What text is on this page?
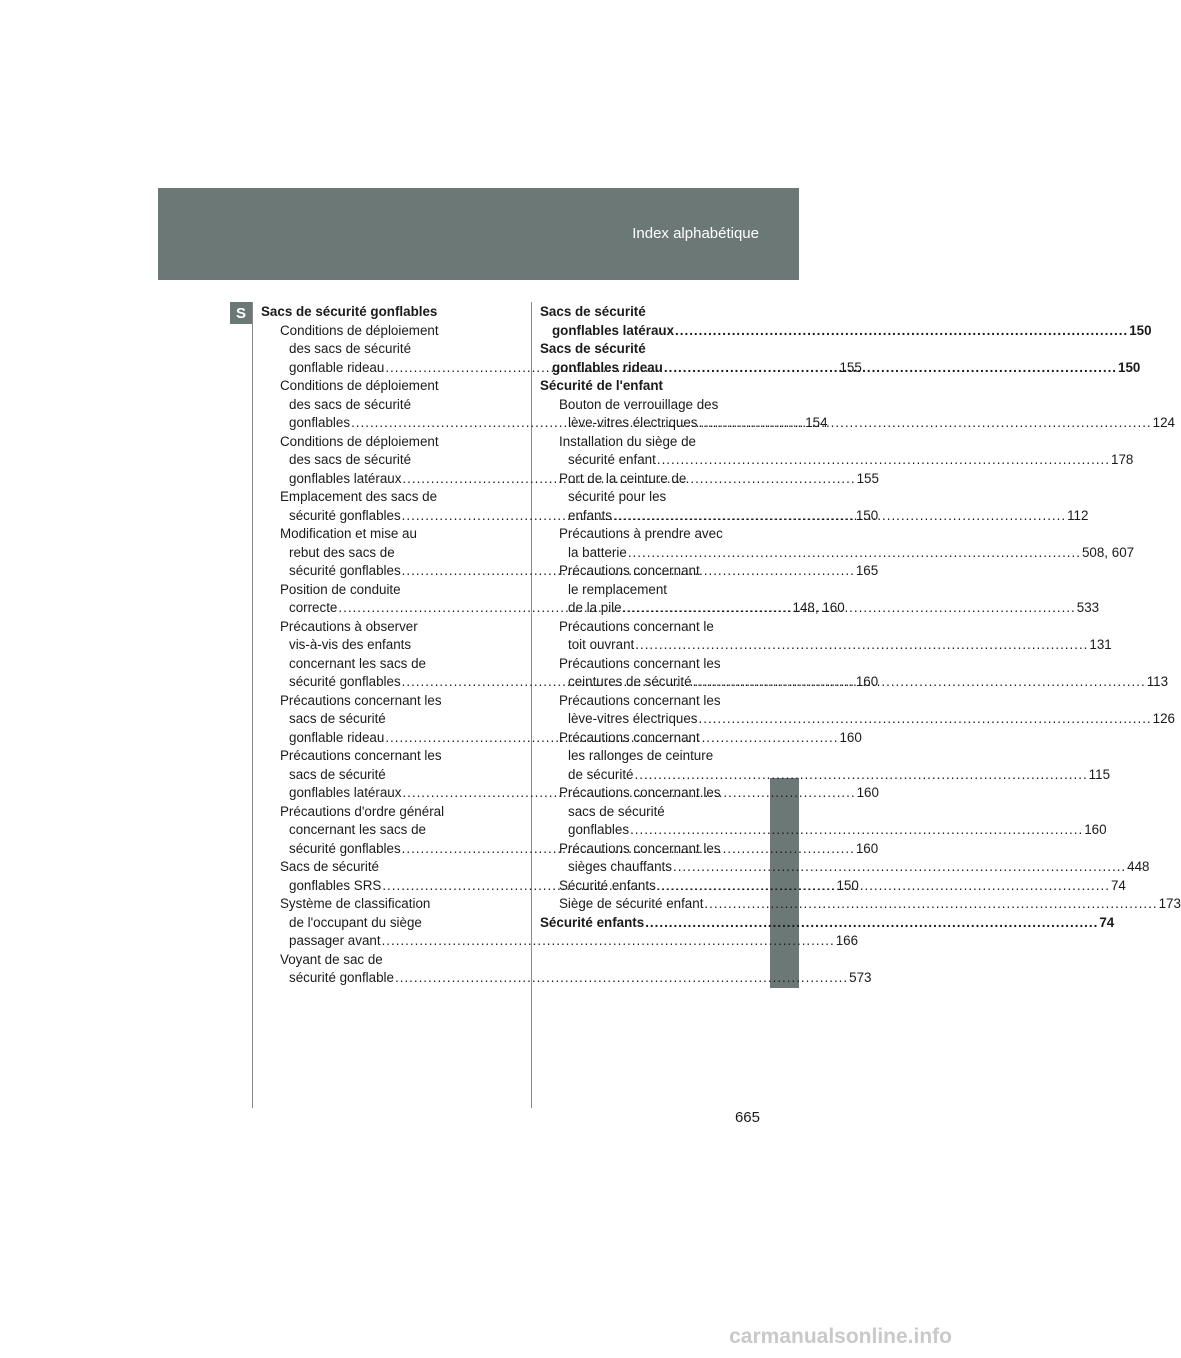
Index alphabétique
S	Sacs de sécurité gonflables
Conditions de déploiement
des sacs de sécurité
gonflable rideau .....	155
Conditions de déploiement
des sacs de sécurité
gonflables .....	154
Conditions de déploiement
des sacs de sécurité
gonflables latéraux .....	155
Emplacement des sacs de
sécurité gonflables .....	150
Modification et mise au
rebut des sacs de
sécurité gonflables .....	165
Position de conduite
correcte .....	148, 160
Précautions à observer
vis-à-vis des enfants
concernant les sacs de
sécurité gonflables .....	160
Précautions concernant les
sacs de sécurité
gonflable rideau .....	160
Précautions concernant les
sacs de sécurité
gonflables latéraux .....	160
Précautions d'ordre général
concernant les sacs de
sécurité gonflables .....	160
Sacs de sécurité
gonflables SRS .....	150
Système de classification
de l'occupant du siège
passager avant .....	166
Voyant de sac de
sécurité gonflable .....	573
Sacs de sécurité
gonflables latéraux .....	150
Sacs de sécurité
gonflables rideau .....	150
Sécurité de l'enfant
Bouton de verrouillage des
lève-vitres électriques .....	124
Installation du siège de
sécurité enfant .....	178
Port de la ceinture de
sécurité pour les
enfants .....	112
Précautions à prendre avec
la batterie .....	508, 607
Précautions concernant
le remplacement
de la pile .....	533
Précautions concernant le
toit ouvrant .....	131
Précautions concernant les
ceintures de sécurité .....	113
Précautions concernant les
lève-vitres électriques .....	126
Précautions concernant
les rallonges de ceinture
de sécurité .....	115
Précautions concernant les
sacs de sécurité
gonflables .....	160
Précautions concernant les
sièges chauffants .....	448
Sécurité enfants .....	74
Siège de sécurité enfant .....	173
Sécurité enfants .....	74
665
carmanualsonline.info
